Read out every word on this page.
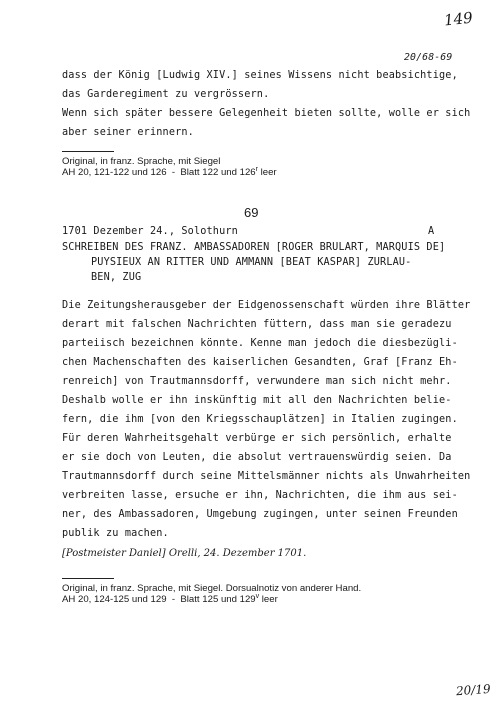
149
20/68-69
dass der König [Ludwig XIV.] seines Wissens nicht beabsichtige,
das Garderegiment zu vergrössern.
Wenn sich später bessere Gelegenheit bieten sollte, wolle er sich
aber seiner erinnern.
Original, in franz. Sprache, mit Siegel
AH 20, 121-122 und 126  -  Blatt 122 und 126$^r$ leer
69
1701 Dezember 24., Solothurn	A
SCHREIBEN DES FRANZ. AMBASSADOREN [ROGER BRULART, MARQUIS DE]
PUYSIEUX AN RITTER UND AMMANN [BEAT KASPAR] ZURLAU-
BEN, ZUG
Die Zeitungsherausgeber der Eidgenossenschaft würden ihre Blätter
derart mit falschen Nachrichten füttern, dass man sie geradezu
parteiisch bezeichnen könnte. Kenne man jedoch die diesbezügli-
chen Machenschaften des kaiserlichen Gesandten, Graf [Franz Eh-
renreich] von Trautmannsdorff, verwundere man sich nicht mehr.
Deshalb wolle er ihn inskünftig mit all den Nachrichten belie-
fern, die ihm [von den Kriegsschauplätzen] in Italien zugingen.
Für deren Wahrheitsgehalt verbürge er sich persönlich, erhalte
er sie doch von Leuten, die absolut vertrauenswürdig seien. Da
Trautmannsdorff durch seine Mittelsmänner nichts als Unwahrheiten
verbreiten lasse, ersuche er ihn, Nachrichten, die ihm aus sei-
ner, des Ambassadoren, Umgebung zugingen, unter seinen Freunden
publik zu machen.
[Postmeister Daniel] Orelli, 24. Dezember 1701.
Original, in franz. Sprache, mit Siegel. Dorsualnotiz von anderer Hand.
AH 20, 124-125 und 129  -  Blatt 125 und 129$^v$ leer
20/19
